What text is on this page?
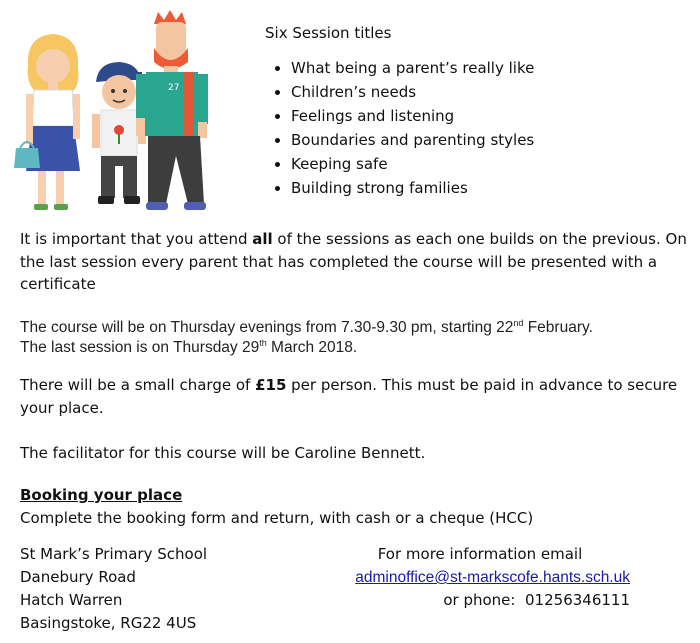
27

Six Session titles

• What being a parent’s really like
• Children’s needs
• Feelings and listening
• Boundaries and parenting styles
• Keeping safe
• Building strong families

It is important that you attend all of the sessions as each one builds on the previous. On the last session every parent that has completed the course will be presented with a certificate

The course will be on Thursday evenings from 7.30-9.30 pm, starting 22nd February.
The last session is on Thursday 29th March 2018.

There will be a small charge of £15 per person. This must be paid in advance to secure your place.

The facilitator for this course will be Caroline Bennett.

Booking your place
Complete the booking form and return, with cash or a cheque (HCC)
St Mark’s Primary School
Danebury Road
Hatch Warren
Basingstoke, RG22 4US
For more information email
adminoffice@st-markscofe.hants.sch.uk
or phone: 01256346111
